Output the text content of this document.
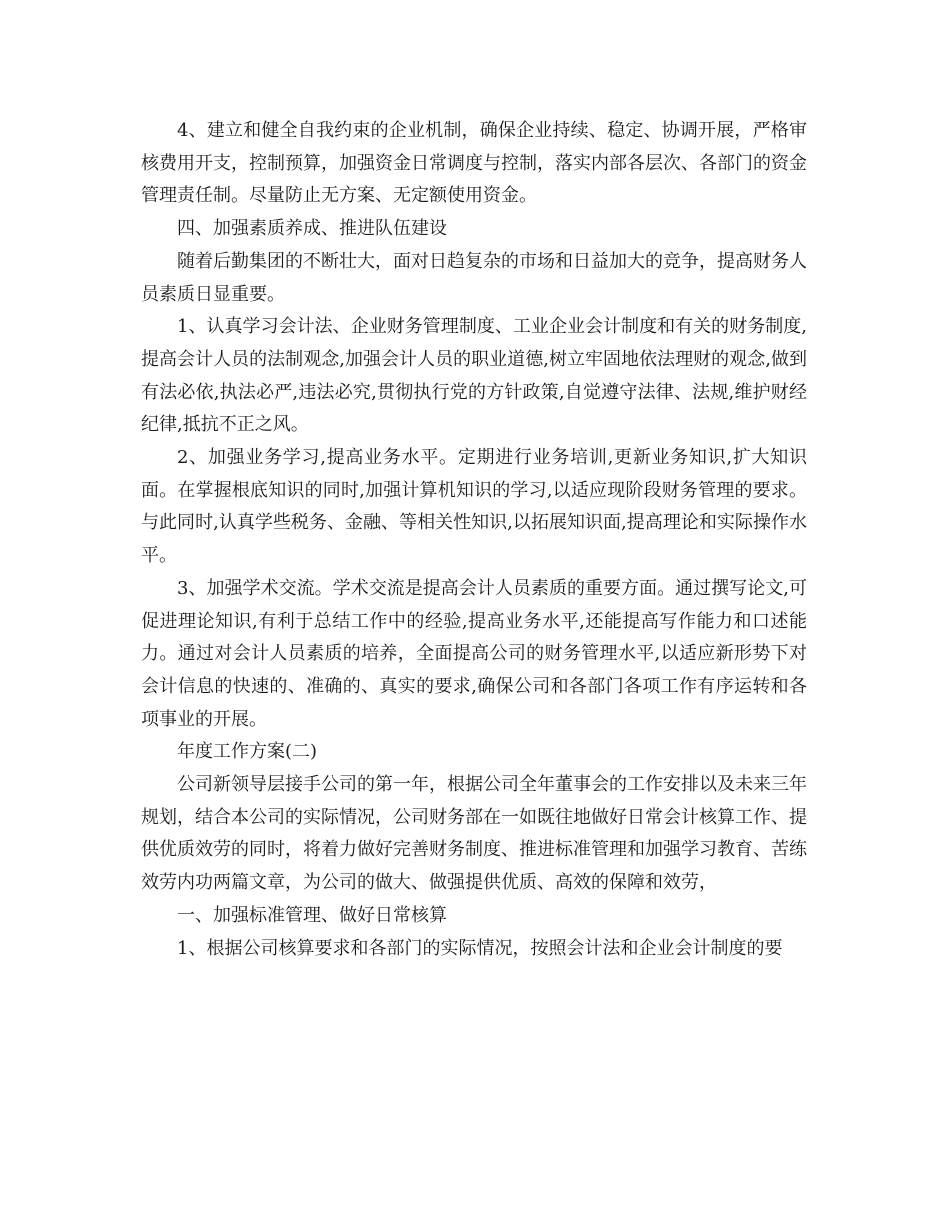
4、建立和健全自我约束的企业机制，确保企业持续、稳定、协调开展，严格审核费用开支，控制预算，加强资金日常调度与控制，落实内部各层次、各部门的资金管理责任制。尽量防止无方案、无定额使用资金。

四、加强素质养成、推进队伍建设

随着后勤集团的不断壮大，面对日趋复杂的市场和日益加大的竞争，提高财务人员素质日显重要。

1、认真学习会计法、企业财务管理制度、工业企业会计制度和有关的财务制度,提高会计人员的法制观念,加强会计人员的职业道德,树立牢固地依法理财的观念,做到有法必依,执法必严,违法必究,贯彻执行党的方针政策,自觉遵守法律、法规,维护财经纪律,抵抗不正之风。

2、加强业务学习,提高业务水平。定期进行业务培训,更新业务知识,扩大知识面。在掌握根底知识的同时,加强计算机知识的学习,以适应现阶段财务管理的要求。与此同时,认真学些税务、金融、等相关性知识,以拓展知识面,提高理论和实际操作水平。

3、加强学术交流。学术交流是提高会计人员素质的重要方面。通过撰写论文,可促进理论知识,有利于总结工作中的经验,提高业务水平,还能提高写作能力和口述能力。通过对会计人员素质的培养，全面提高公司的财务管理水平,以适应新形势下对会计信息的快速的、准确的、真实的要求,确保公司和各部门各项工作有序运转和各项事业的开展。

年度工作方案(二)

公司新领导层接手公司的第一年，根据公司全年董事会的工作安排以及未来三年规划，结合本公司的实际情况，公司财务部在一如既往地做好日常会计核算工作、提供优质效劳的同时，将着力做好完善财务制度、推进标准管理和加强学习教育、苦练效劳内功两篇文章，为公司的做大、做强提供优质、高效的保障和效劳，

一、加强标准管理、做好日常核算

1、根据公司核算要求和各部门的实际情况，按照会计法和企业会计制度的要
